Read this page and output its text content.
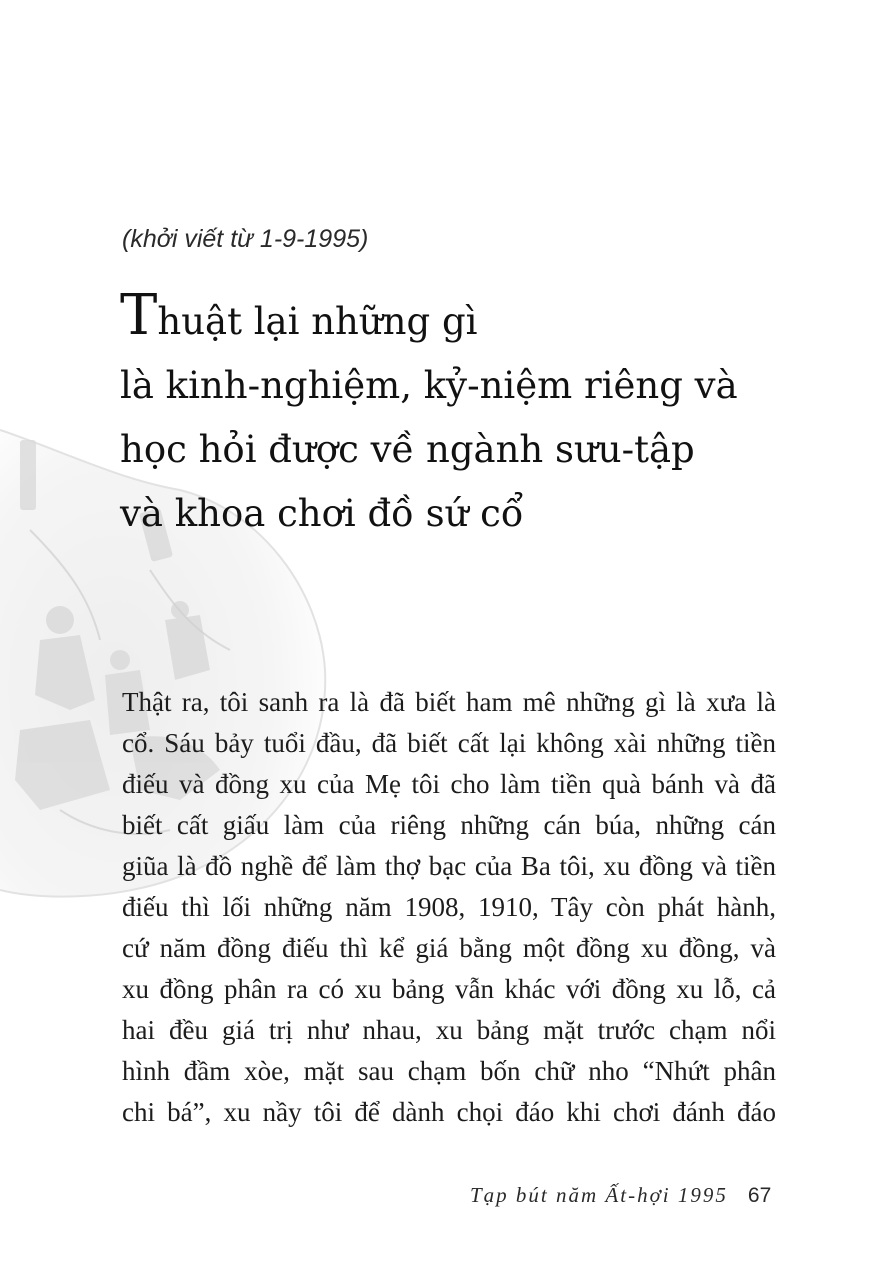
(khởi viết từ 1-9-1995)

Thuật lại những gì
là kinh-nghiệm, kỷ-niệm riêng và
học hỏi được về ngành sưu-tập
và khoa chơi đồ sứ cổ
Thật ra, tôi sanh ra là đã biết ham mê những gì là xưa là
cổ. Sáu bảy tuổi đầu, đã biết cất lại không xài những tiền
điếu và đồng xu của Mẹ tôi cho làm tiền quà bánh và đã
biết cất giấu làm của riêng những cán búa, những cán
giũa là đồ nghề để làm thợ bạc của Ba tôi, xu đồng và tiền
điếu thì lối những năm 1908, 1910, Tây còn phát hành,
cứ năm đồng điếu thì kể giá bằng một đồng xu đồng, và
xu đồng phân ra có xu bảng vẫn khác với đồng xu lỗ, cả
hai đều giá trị như nhau, xu bảng mặt trước chạm nổi
hình đầm xòe, mặt sau chạm bốn chữ nho “Nhứt phân
chi bá”, xu nầy tôi để dành chọi đáo khi chơi đánh đáo
Tạp bút năm Ất-hợi 1995 67
